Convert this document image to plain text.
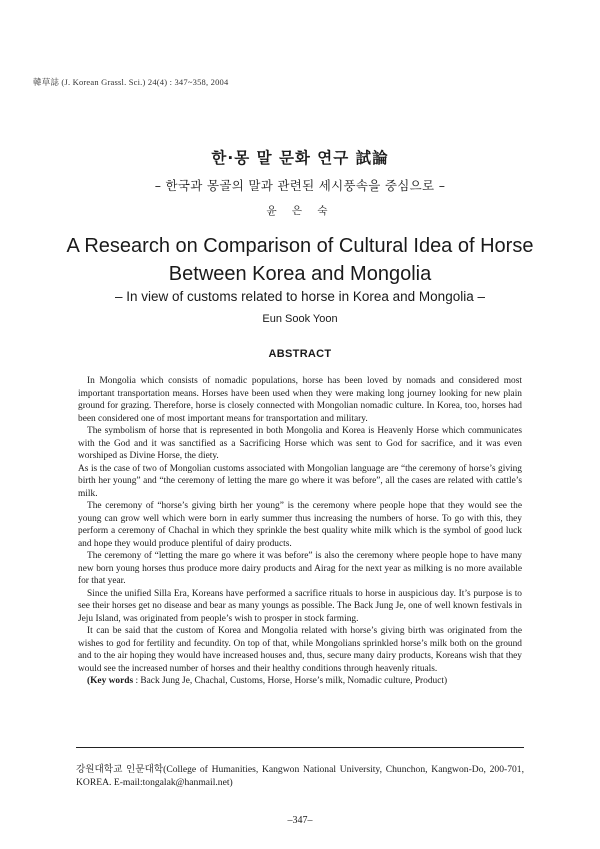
韓草誌 (J. Korean Grassl. Sci.) 24(4) : 347~358, 2004
한·몽 말 문화 연구 試論
– 한국과 몽골의 말과 관련된 세시풍속을 중심으로 –
윤 은 숙
A Research on Comparison of Cultural Idea of Horse
Between Korea and Mongolia
– In view of customs related to horse in Korea and Mongolia –
Eun Sook Yoon
ABSTRACT

In Mongolia which consists of nomadic populations, horse has been loved by nomads and considered most important transportation means. Horses have been used when they were making long journey looking for new plain ground for grazing. Therefore, horse is closely connected with Mongolian nomadic culture. In Korea, too, horses had been considered one of most important means for transportation and military.

The symbolism of horse that is represented in both Mongolia and Korea is Heavenly Horse which communicates with the God and it was sanctified as a Sacrificing Horse which was sent to God for sacrifice, and it was even worshiped as Divine Horse, the diety.

As is the case of two of Mongolian customs associated with Mongolian language are “the ceremony of horse’s giving birth her young” and “the ceremony of letting the mare go where it was before”, all the cases are related with cattle’s milk.

The ceremony of “horse’s giving birth her young” is the ceremony where people hope that they would see the young can grow well which were born in early summer thus increasing the numbers of horse. To go with this, they perform a ceremony of Chachal in which they sprinkle the best quality white milk which is the symbol of good luck and hope they would produce plentiful of dairy products.

The ceremony of “letting the mare go where it was before” is also the ceremony where people hope to have many new born young horses thus produce more dairy products and Airag for the next year as milking is no more available for that year.

Since the unified Silla Era, Koreans have performed a sacrifice rituals to horse in auspicious day. It’s purpose is to see their horses get no disease and bear as many youngs as possible. The Back Jung Je, one of well known festivals in Jeju Island, was originated from people’s wish to prosper in stock farming.

It can be said that the custom of Korea and Mongolia related with horse’s giving birth was originated from the wishes to god for fertility and fecundity. On top of that, while Mongolians sprinkled horse’s milk both on the ground and to the air hoping they would have increased houses and, thus, secure many dairy products, Koreans wish that they would see the increased number of horses and their healthy conditions through heavenly rituals.

(Key words : Back Jung Je, Chachal, Customs, Horse, Horse’s milk, Nomadic culture, Product)

강원대학교 인문대학(College of Humanities, Kangwon National University, Chunchon, Kangwon-Do, 200-701, KOREA. E-mail:tongalak@hanmail.net)
–347–
